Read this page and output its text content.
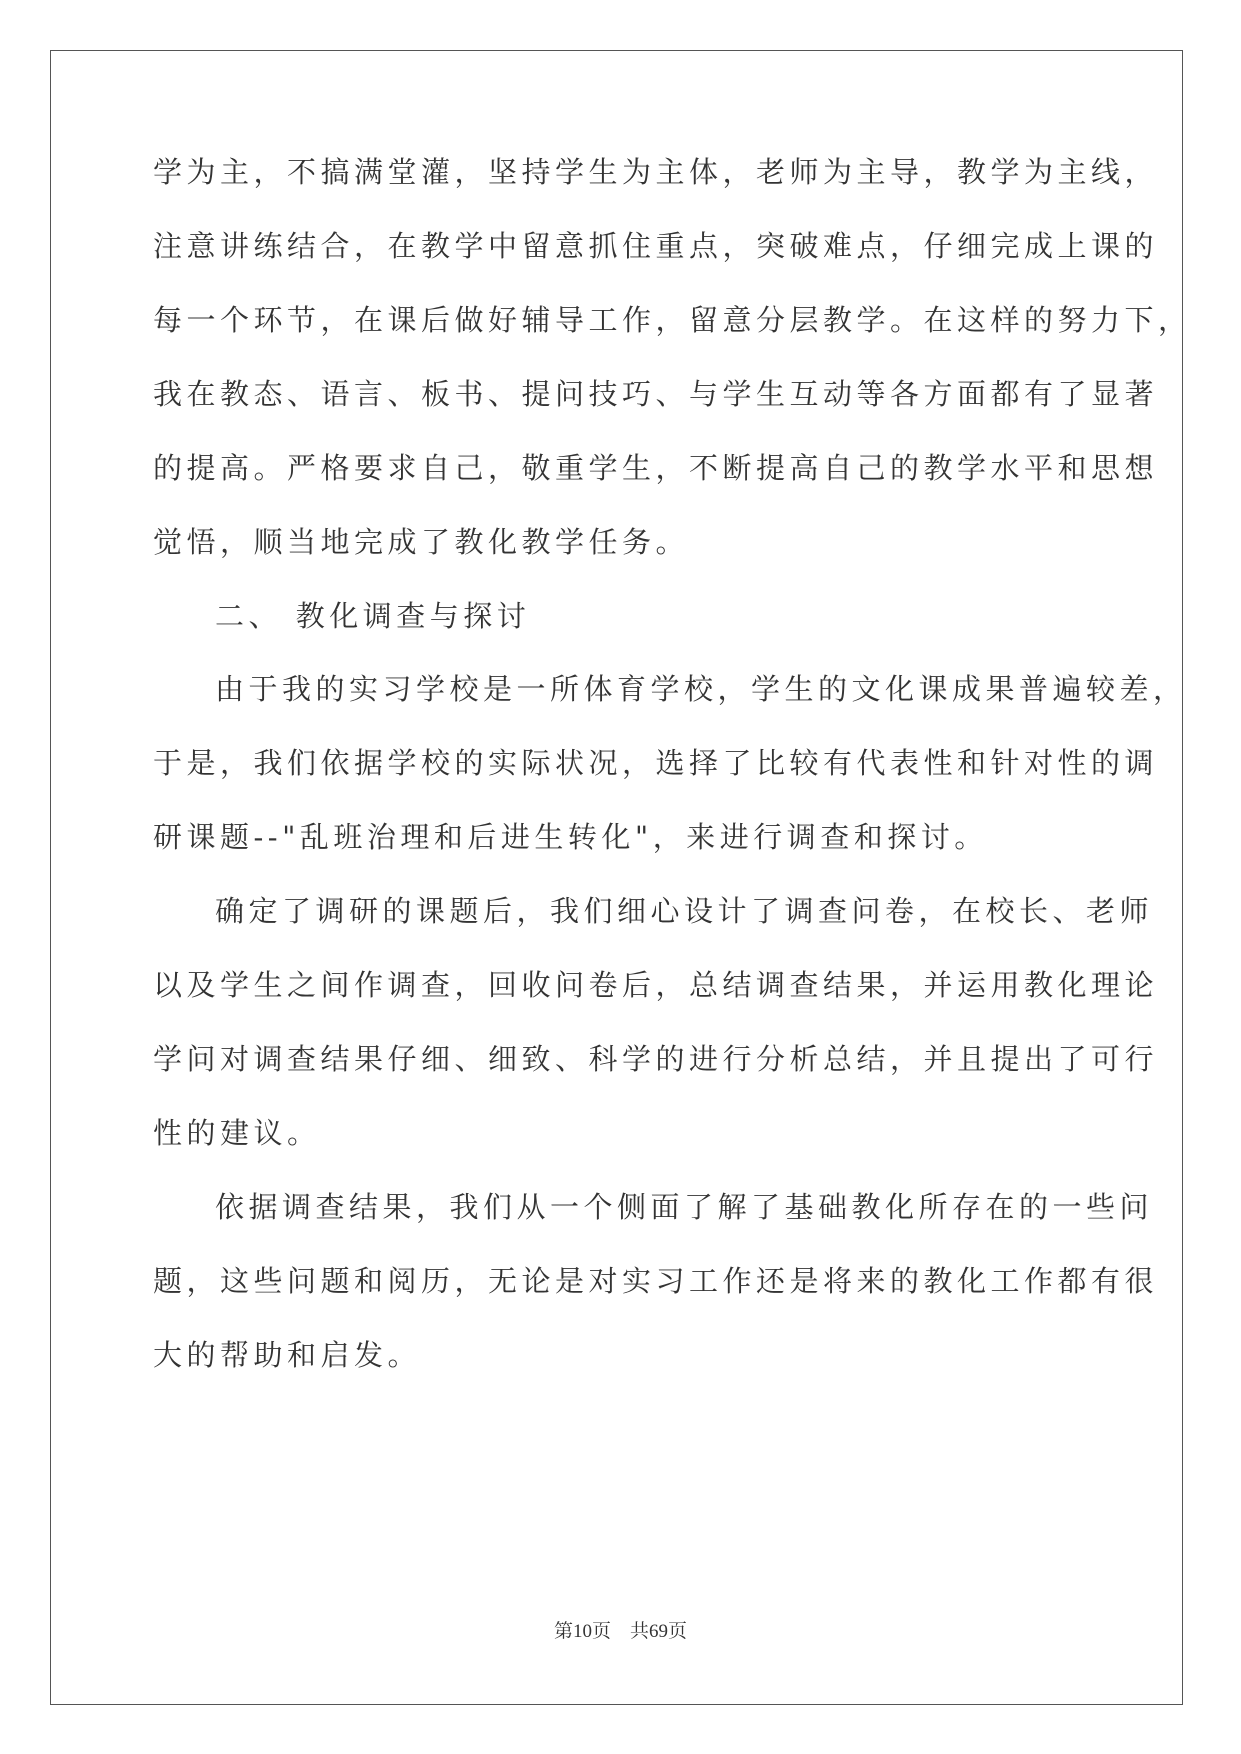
学为主，不搞满堂灌，坚持学生为主体，老师为主导，教学为主线，
注意讲练结合，在教学中留意抓住重点，突破难点，仔细完成上课的
每一个环节，在课后做好辅导工作，留意分层教学。在这样的努力下，
我在教态、语言、板书、提问技巧、与学生互动等各方面都有了显著
的提高。严格要求自己，敬重学生，不断提高自己的教学水平和思想
觉悟，顺当地完成了教化教学任务。
二、 教化调查与探讨
由于我的实习学校是一所体育学校，学生的文化课成果普遍较差，
于是，我们依据学校的实际状况，选择了比较有代表性和针对性的调
研课题--"乱班治理和后进生转化"，来进行调查和探讨。
确定了调研的课题后，我们细心设计了调查问卷，在校长、老师
以及学生之间作调查，回收问卷后，总结调查结果，并运用教化理论
学问对调查结果仔细、细致、科学的进行分析总结，并且提出了可行
性的建议。
依据调查结果，我们从一个侧面了解了基础教化所存在的一些问
题，这些问题和阅历，无论是对实习工作还是将来的教化工作都有很
大的帮助和启发。
第10页　共69页
